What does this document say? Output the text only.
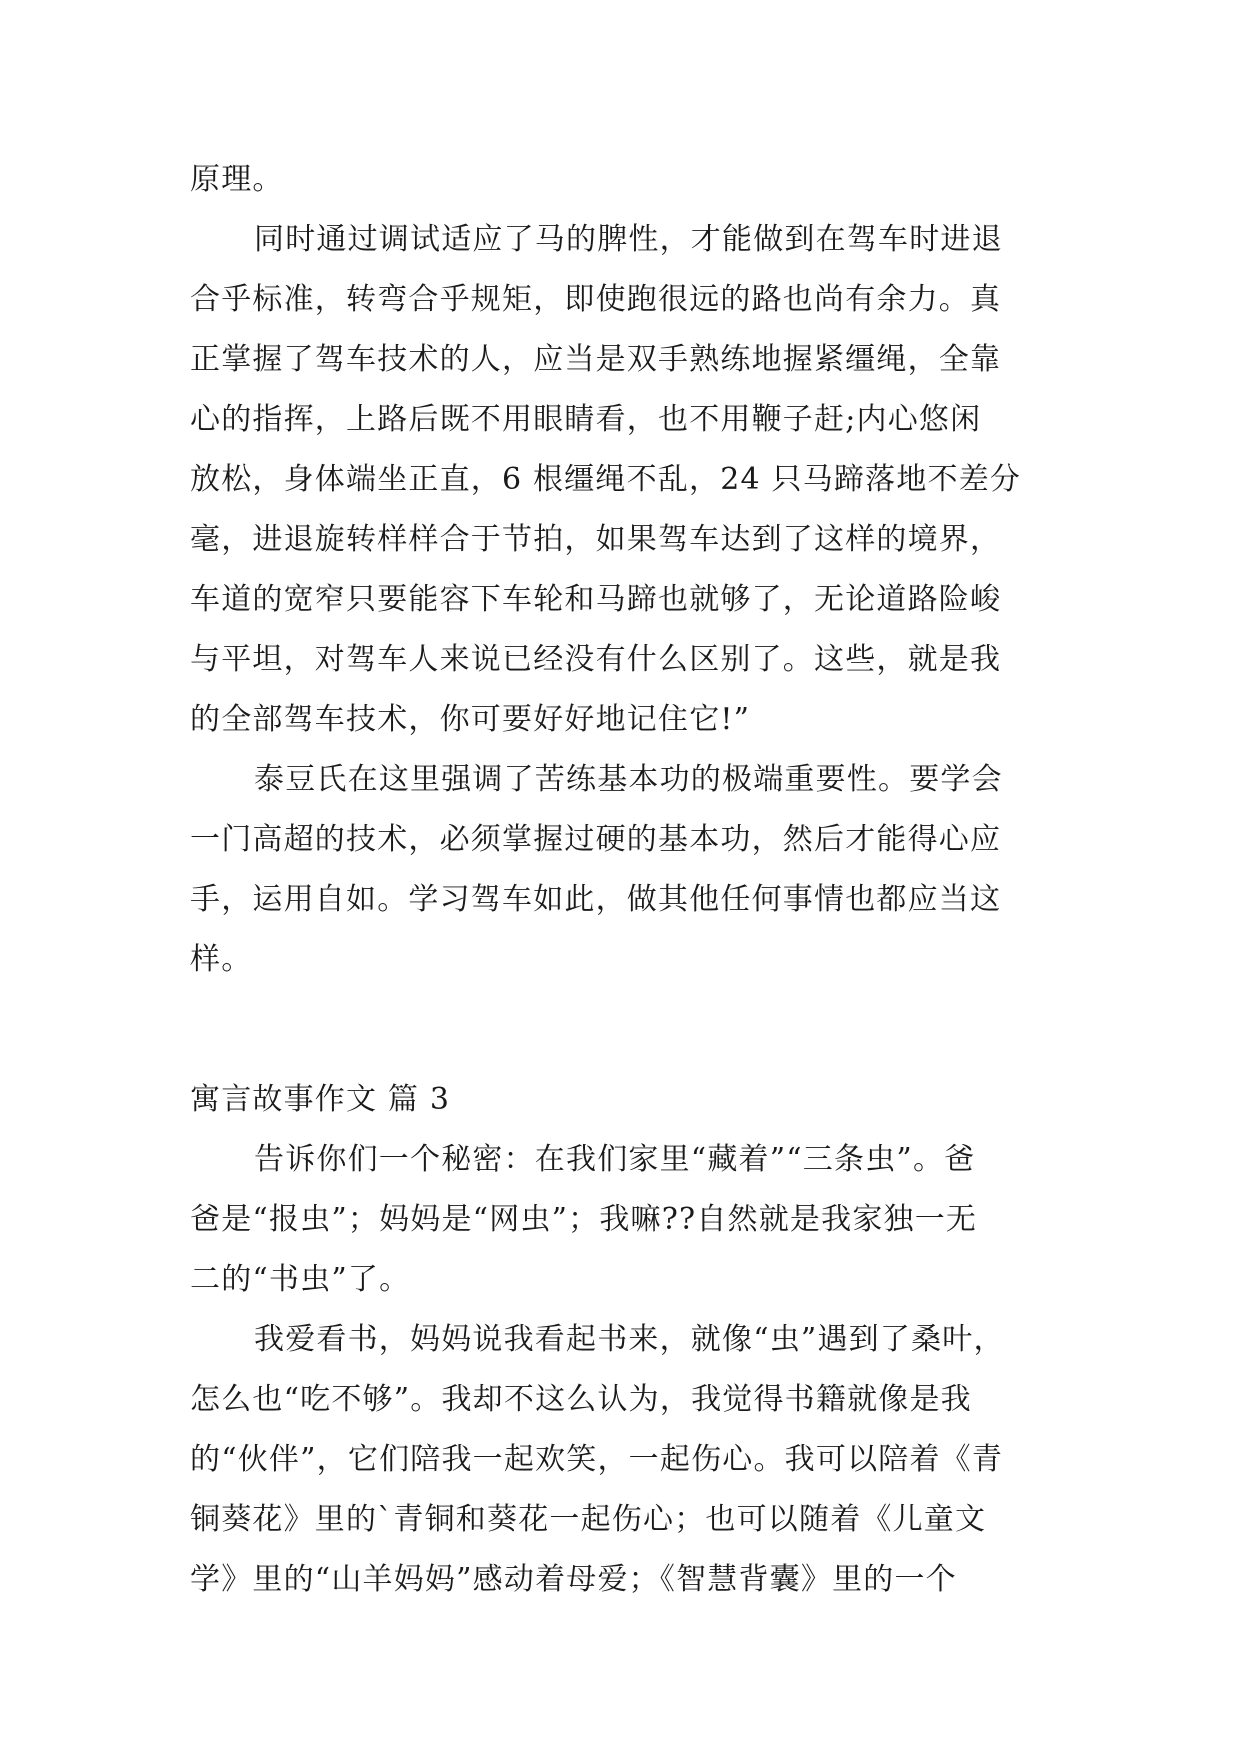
原理。
同时通过调试适应了马的脾性，才能做到在驾车时进退
合乎标准，转弯合乎规矩，即使跑很远的路也尚有余力。真
正掌握了驾车技术的人，应当是双手熟练地握紧缰绳，全靠
心的指挥，上路后既不用眼睛看，也不用鞭子赶;内心悠闲
放松，身体端坐正直，6 根缰绳不乱，24 只马蹄落地不差分
毫，进退旋转样样合于节拍，如果驾车达到了这样的境界，
车道的宽窄只要能容下车轮和马蹄也就够了，无论道路险峻
与平坦，对驾车人来说已经没有什么区别了。这些，就是我
的全部驾车技术，你可要好好地记住它!”
泰豆氏在这里强调了苦练基本功的极端重要性。要学会
一门高超的技术，必须掌握过硬的基本功，然后才能得心应
手，运用自如。学习驾车如此，做其他任何事情也都应当这
样。
寓言故事作文 篇 3
告诉你们一个秘密：在我们家里“藏着”“三条虫”。爸
爸是“报虫”；妈妈是“网虫”；我嘛??自然就是我家独一无
二的“书虫”了。
我爱看书，妈妈说我看起书来，就像“虫”遇到了桑叶，
怎么也“吃不够”。我却不这么认为，我觉得书籍就像是我
的“伙伴”，它们陪我一起欢笑，一起伤心。我可以陪着《青
铜葵花》里的`青铜和葵花一起伤心；也可以随着《儿童文
学》里的“山羊妈妈”感动着母爱；《智慧背囊》里的一个
